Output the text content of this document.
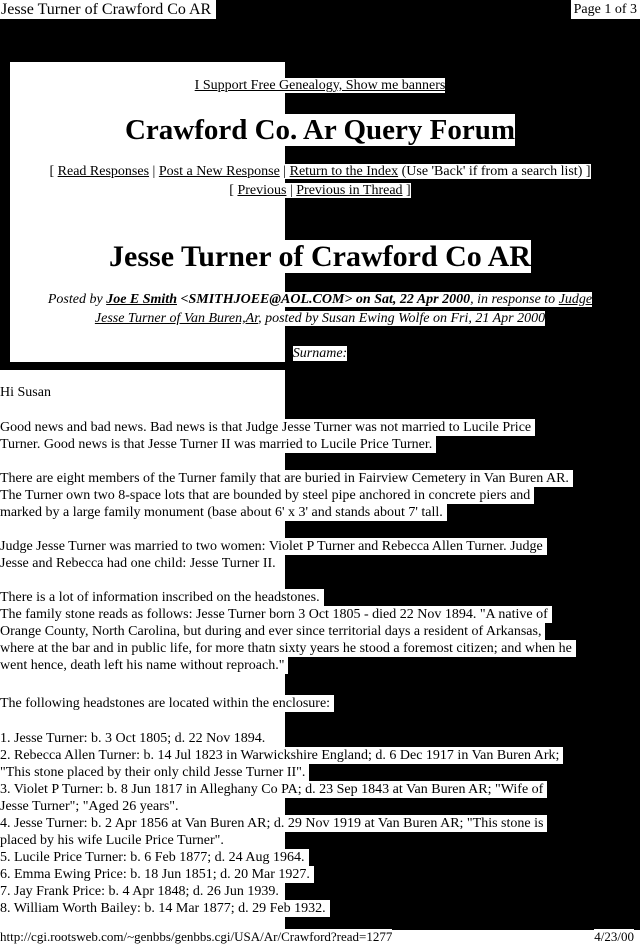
Jesse Turner of Crawford Co AR	Page 1 of 3
I Support Free Genealogy, Show me banners
Crawford Co. Ar Query Forum
[ Read Responses | Post a New Response | Return to the Index (Use 'Back' if from a search list) ]
[ Previous | Previous in Thread ]
Jesse Turner of Crawford Co AR
Posted by Joe E Smith <SMITHJOEE@AOL.COM> on Sat, 22 Apr 2000, in response to Judge
Jesse Turner of Van Buren,Ar, posted by Susan Ewing Wolfe on Fri, 21 Apr 2000
Surname:
Hi Susan
Good news and bad news. Bad news is that Judge Jesse Turner was not married to Lucile Price
Turner. Good news is that Jesse Turner II was married to Lucile Price Turner.
There are eight members of the Turner family that are buried in Fairview Cemetery in Van Buren AR.
The Turner own two 8-space lots that are bounded by steel pipe anchored in concrete piers and
marked by a large family monument (base about 6' x 3' and stands about 7' tall.
Judge Jesse Turner was married to two women: Violet P Turner and Rebecca Allen Turner. Judge
Jesse and Rebecca had one child: Jesse Turner II.
There is a lot of information inscribed on the headstones.
The family stone reads as follows: Jesse Turner born 3 Oct 1805 - died 22 Nov 1894. "A native of
Orange County, North Carolina, but during and ever since territorial days a resident of Arkansas,
where at the bar and in public life, for more thatn sixty years he stood a foremost citizen; and when he
went hence, death left his name without reproach."
The following headstones are located within the enclosure:
1. Jesse Turner: b. 3 Oct 1805; d. 22 Nov 1894.
2. Rebecca Allen Turner: b. 14 Jul 1823 in Warwickshire England; d. 6 Dec 1917 in Van Buren Ark;
"This stone placed by their only child Jesse Turner II".
3. Violet P Turner: b. 8 Jun 1817 in Alleghany Co PA; d. 23 Sep 1843 at Van Buren AR; "Wife of
Jesse Turner"; "Aged 26 years".
4. Jesse Turner: b. 2 Apr 1856 at Van Buren AR; d. 29 Nov 1919 at Van Buren AR; "This stone is
placed by his wife Lucile Price Turner".
5. Lucile Price Turner: b. 6 Feb 1877; d. 24 Aug 1964.
6. Emma Ewing Price: b. 18 Jun 1851; d. 20 Mar 1927.
7. Jay Frank Price: b. 4 Apr 1848; d. 26 Jun 1939.
8. William Worth Bailey: b. 14 Mar 1877; d. 29 Feb 1932.
http://cgi.rootsweb.com/~genbbs/genbbs.cgi/USA/Ar/Crawford?read=1277	4/23/00
